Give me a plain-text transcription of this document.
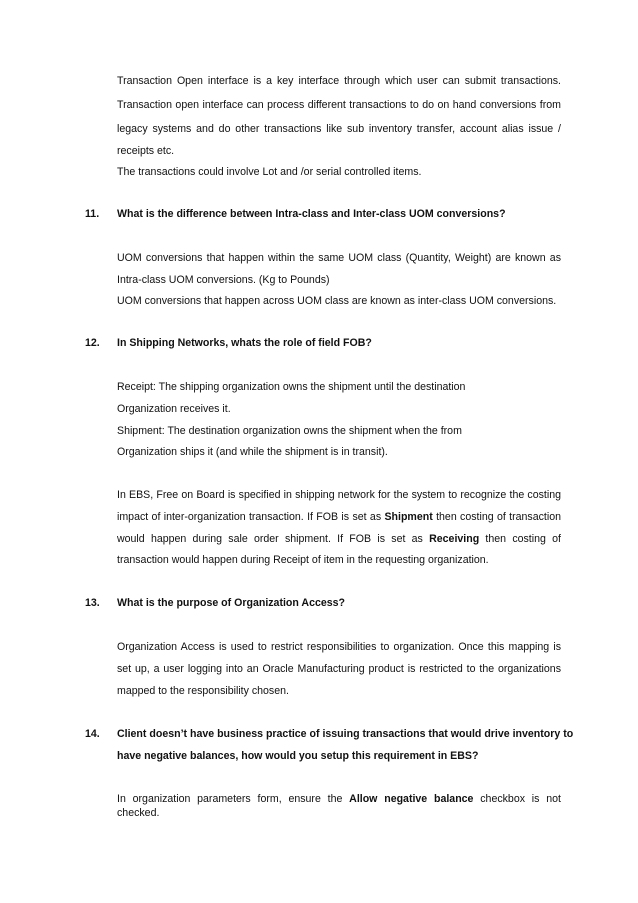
Transaction Open interface is a key interface through which user can submit transactions.
Transaction open interface can process different transactions to do on hand conversions from
legacy systems and do other transactions like sub inventory transfer, account alias issue /
receipts etc.
The transactions could involve Lot and /or serial controlled items.
11. What is the difference between Intra-class and Inter-class UOM conversions?
UOM conversions that happen within the same UOM class (Quantity, Weight) are known as
Intra-class UOM conversions. (Kg to Pounds)
UOM conversions that happen across UOM class are known as inter-class UOM conversions.
12. In Shipping Networks, whats the role of field FOB?
Receipt: The shipping organization owns the shipment until the destination
Organization receives it.
Shipment: The destination organization owns the shipment when the from
Organization ships it (and while the shipment is in transit).
In EBS, Free on Board is specified in shipping network for the system to recognize the costing
impact of inter-organization transaction. If FOB is set as Shipment then costing of transaction
would happen during sale order shipment. If FOB is set as Receiving then costing of
transaction would happen during Receipt of item in the requesting organization.
13. What is the purpose of Organization Access?
Organization Access is used to restrict responsibilities to organization. Once this mapping is
set up, a user logging into an Oracle Manufacturing product is restricted to the organizations
mapped to the responsibility chosen.
14. Client doesn’t have business practice of issuing transactions that would drive inventory to
have negative balances, how would you setup this requirement in EBS?
In organization parameters form, ensure the Allow negative balance checkbox is not checked.
